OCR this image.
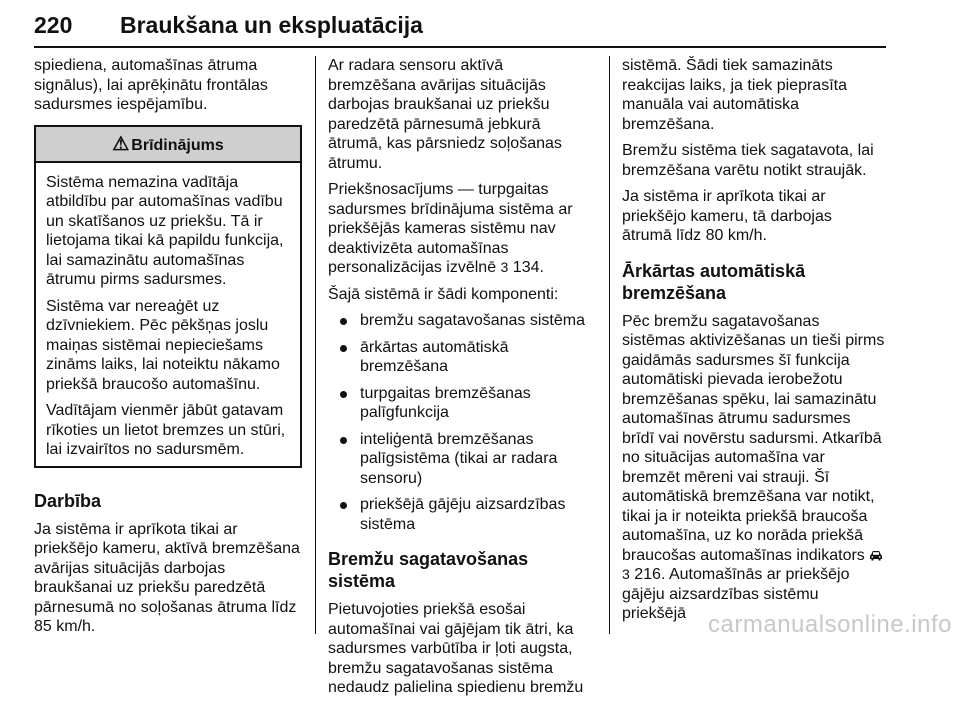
220 Braukšana un ekspluatācija

spiediena, automašīnas ātruma signālus), lai aprēķinātu frontālas sadursmes iespējamību.

⚠ Brīdinājums

Sistēma nemazina vadītāja atbildību par automašīnas vadību un skatīšanos uz priekšu. Tā ir lietojama tikai kā papildu funkcija, lai samazinātu automašīnas ātrumu pirms sadursmes.

Sistēma var nereaģēt uz dzīvniekiem. Pēc pēkšņas joslu maiņas sistēmai nepieciešams zināms laiks, lai noteiktu nākamo priekšā braucošo automašīnu.

Vadītājam vienmēr jābūt gatavam rīkoties un lietot bremzes un stūri, lai izvairītos no sadursmēm.

Darbība

Ja sistēma ir aprīkota tikai ar priekšējo kameru, aktīvā bremzēšana avārijas situācijās darbojas braukšanai uz priekšu paredzētā pārnesumā no soļošanas ātruma līdz 85 km/h.

Ar radara sensoru aktīvā bremzēšana avārijas situācijās darbojas braukšanai uz priekšu paredzētā pārnesumā jebkurā ātrumā, kas pārsniedz soļošanas ātrumu.

Priekšnosacījums — turpgaitas sadursmes brīdinājuma sistēma ar priekšējās kameras sistēmu nav deaktivizēta automašīnas personalizācijas izvēlnē 3 134.

Šajā sistēmā ir šādi komponenti:

bremžu sagatavošanas sistēma
ārkārtas automātiskā bremzēšana
turpgaitas bremzēšanas palīgfunkcija
inteliģentā bremzēšanas palīgsistēma (tikai ar radara sensoru)
priekšējā gājēju aizsardzības sistēma
Bremžu sagatavošanas sistēma

Pietuvojoties priekšā esošai automašīnai vai gājējam tik ātri, ka sadursmes varbūtība ir ļoti augsta, bremžu sagatavošanas sistēma nedaudz palielina spiedienu bremžu

sistēmā. Šādi tiek samazināts reakcijas laiks, ja tiek pieprasīta manuāla vai automātiska bremzēšana.

Bremžu sistēma tiek sagatavota, lai bremzēšana varētu notikt straujāk.

Ja sistēma ir aprīkota tikai ar priekšējo kameru, tā darbojas ātrumā līdz 80 km/h.

Ārkārtas automātiskā bremzēšana

Pēc bremžu sagatavošanas sistēmas aktivizēšanas un tieši pirms gaidāmās sadursmes šī funkcija automātiski pievada ierobežotu bremzēšanas spēku, lai samazinātu automašīnas ātrumu sadursmes brīdī vai novērstu sadursmi. Atkarībā no situācijas automašīna var bremzēt mēreni vai strauji. Šī automātiskā bremzēšana var notikt, tikai ja ir noteikta priekšā braucoša automašīna, uz ko norāda priekšā braucošas automašīnas indikators

3 216. Automašīnās ar priekšējo gājēju aizsardzības sistēmu priekšējā carmanualsonline.info
